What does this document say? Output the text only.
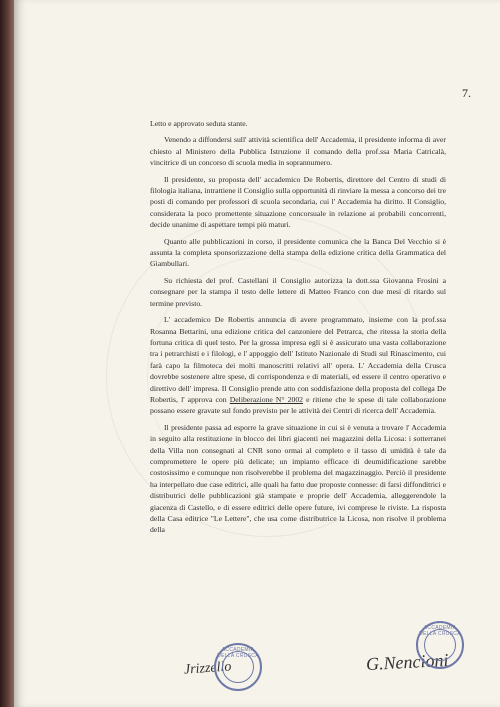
7.

Letto e approvato seduta stante.

Venendo a diffondersi sull' attività scientifica dell' Accademia, il presidente informa di aver chiesto al Ministero della Pubblica Istruzione il comando della prof.ssa Maria Catricalà, vincitrice di un concorso di scuola media in soprannumero.

Il presidente, su proposta dell' accademico De Robertis, direttore del Centro di studi di filologia italiana, intrattiene il Consiglio sulla opportunità di rinviare la messa a concorso dei tre posti di comando per professori di scuola secondaria, cui l' Accademia ha diritto. Il Consiglio, considerata la poco promettente situazione concorsuale in relazione ai probabili concorrenti, decide unanime di aspettare tempi più maturi.

Quanto alle pubblicazioni in corso, il presidente comunica che la Banca Del Vecchio si è assunta la completa sponsorizzazione della stampa della edizione critica della Grammatica del Giambullari.

Su richiesta del prof. Castellani il Consiglio autorizza la dott.ssa Giovanna Frosini a consegnare per la stampa il testo delle lettere di Matteo Franco con due mesi di ritardo sul termine previsto.

L' accademico De Robertis annuncia di avere programmato, insieme con la prof.ssa Rosanna Bettarini, una edizione critica del canzoniere del Petrarca, che ritessa la storia della fortuna critica di quel testo. Per la grossa impresa egli si è assicurato una vasta collaborazione tra i petrarchisti e i filologi, e l' appoggio dell' Istituto Nazionale di Studi sul Rinascimento, cui farà capo la filmoteca dei molti manoscritti relativi all' opera. L' Accademia della Crusca dovrebbe sostenere altre spese, di corrispondenza e di materiali, ed essere il centro operativo e direttivo dell' impresa. Il Consiglio prende atto con soddisfazione della proposta del collega De Robertis, l' approva con Deliberazione N° 2002 e ritiene che le spese di tale collaborazione possano essere gravate sul fondo previsto per le attività dei Centri di ricerca dell' Accademia.

Il presidente passa ad esporre la grave situazione in cui si è venuta a trovare l' Accademia in seguito alla restituzione in blocco dei libri giacenti nei magazzini della Licosa: i sotterranei della Villa non consegnati al CNR sono ormai al completo e il tasso di umidità è tale da compromettere le opere più delicate; un impianto efficace di deumidificazione sarebbe costosissimo e comunque non risolverebbe il problema del magazzinaggio. Perciò il presidente ha interpellato due case editrici, alle quali ha fatto due proposte connesse: di farsi diffonditrici e distributrici delle pubblicazioni già stampate e proprie dell' Accademia, alleggerendole la giacenza di Castello, e di essere editrici delle opere future, ivi comprese le riviste. La risposta della Casa editrice "Le Lettere", che usa come distributrice la Licosa, non risolve il problema della

Jrizzello
ACCADEMIA DELLA CRUSCA	G.Nencioni
ACCADEMIA DELLA CRUSCA
